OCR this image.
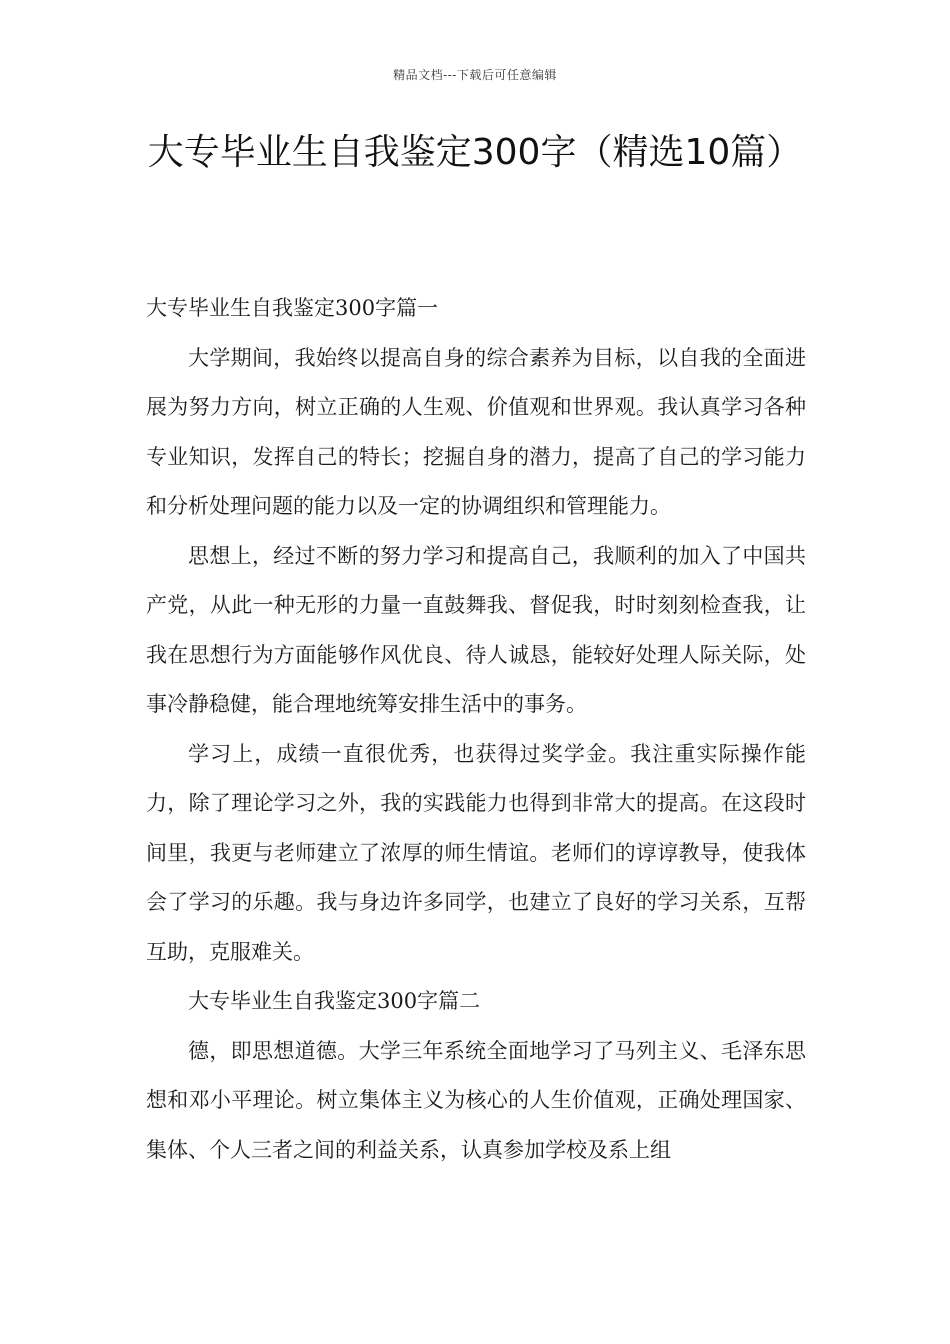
精品文档---下载后可任意编辑
大专毕业生自我鉴定300字（精选10篇）

大专毕业生自我鉴定300字篇一

大学期间，我始终以提高自身的综合素养为目标，以自我的全面进展为努力方向，树立正确的人生观、价值观和世界观。我认真学习各种专业知识，发挥自己的特长；挖掘自身的潜力，提高了自己的学习能力和分析处理问题的能力以及一定的协调组织和管理能力。

思想上，经过不断的努力学习和提高自己，我顺利的加入了中国共产党，从此一种无形的力量一直鼓舞我、督促我，时时刻刻检查我，让我在思想行为方面能够作风优良、待人诚恳，能较好处理人际关际，处事冷静稳健，能合理地统筹安排生活中的事务。

学习上，成绩一直很优秀，也获得过奖学金。我注重实际操作能力，除了理论学习之外，我的实践能力也得到非常大的提高。在这段时间里，我更与老师建立了浓厚的师生情谊。老师们的谆谆教导，使我体会了学习的乐趣。我与身边许多同学，也建立了良好的学习关系，互帮互助，克服难关。

大专毕业生自我鉴定300字篇二

德，即思想道德。大学三年系统全面地学习了马列主义、毛泽东思想和邓小平理论。树立集体主义为核心的人生价值观，正确处理国家、集体、个人三者之间的利益关系，认真参加学校及系上组
